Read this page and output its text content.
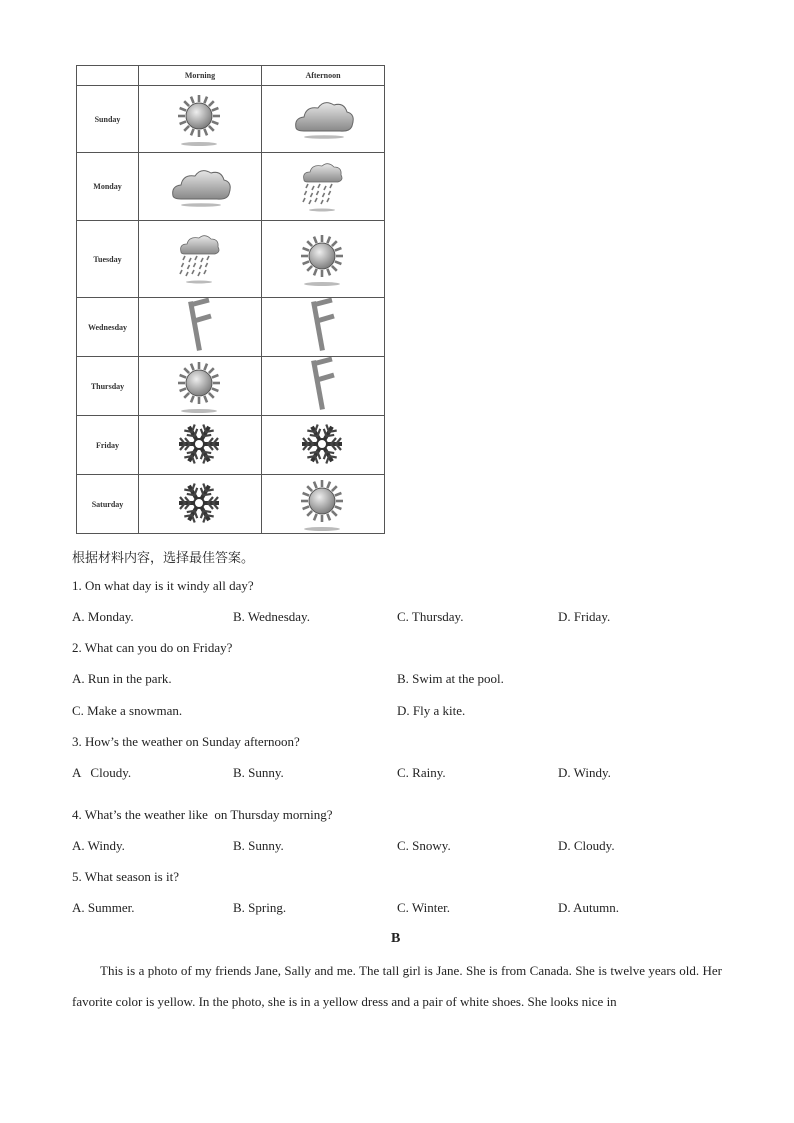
	Morning	Afternoon
Sunday	

Monday	

Tuesday	

Wednesday	

Thursday	

Friday	

Saturday	

根据材料内容，选择最佳答案。
1. On what day is it windy all day?
A. Monday.	B. Wednesday.	C. Thursday.	D. Friday.
2. What can you do on Friday?
A. Run in the park.	B. Swim at the pool.
C. Make a snowman.	D. Fly a kite.
3. How’s the weather on Sunday afternoon?
A   Cloudy.	B. Sunny.	C. Rainy.	D. Windy.
4. What’s the weather like  on Thursday morning?
A. Windy.	B. Sunny.	C. Snowy.	D. Cloudy.
5. What season is it?
A. Summer.	B. Spring.	C. Winter.	D. Autumn.
B

This is a photo of my friends Jane, Sally and me. The tall girl is Jane. She is from Canada. She is twelve years old. Her favorite color is yellow. In the photo, she is in a yellow dress and a pair of white shoes. She looks nice in
